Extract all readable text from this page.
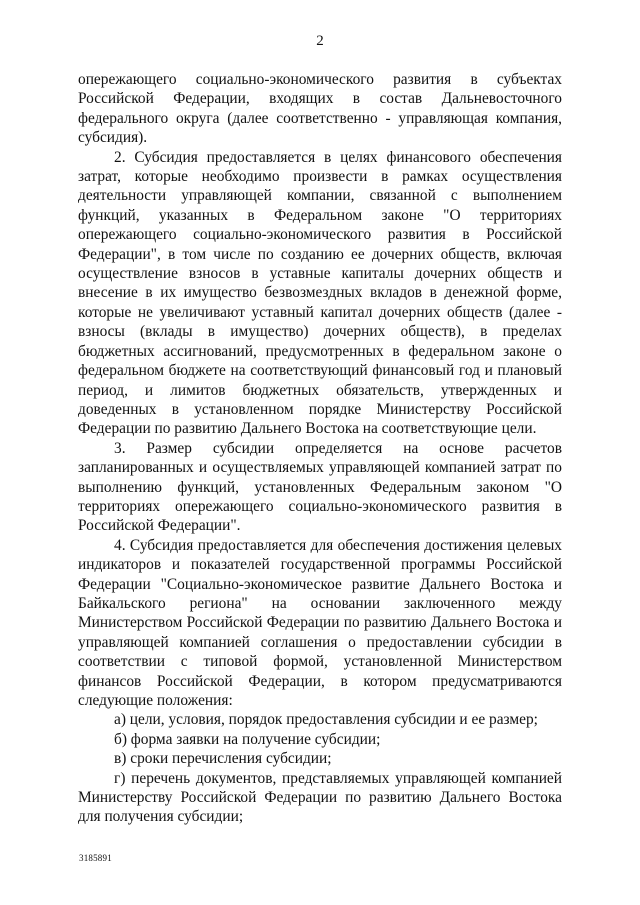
2

опережающего социально-экономического развития в субъектах Российской Федерации, входящих в состав Дальневосточного федерального округа (далее соответственно - управляющая компания, субсидия).

2. Субсидия предоставляется в целях финансового обеспечения затрат, которые необходимо произвести в рамках осуществления деятельности управляющей компании, связанной с выполнением функций, указанных в Федеральном законе "О территориях опережающего социально-экономического развития в Российской Федерации", в том числе по созданию ее дочерних обществ, включая осуществление взносов в уставные капиталы дочерних обществ и внесение в их имущество безвозмездных вкладов в денежной форме, которые не увеличивают уставный капитал дочерних обществ (далее - взносы (вклады в имущество) дочерних обществ), в пределах бюджетных ассигнований, предусмотренных в федеральном законе о федеральном бюджете на соответствующий финансовый год и плановый период, и лимитов бюджетных обязательств, утвержденных и доведенных в установленном порядке Министерству Российской Федерации по развитию Дальнего Востока на соответствующие цели.

3. Размер субсидии определяется на основе расчетов запланированных и осуществляемых управляющей компанией затрат по выполнению функций, установленных Федеральным законом "О территориях опережающего социально-экономического развития в Российской Федерации".

4. Субсидия предоставляется для обеспечения достижения целевых индикаторов и показателей государственной программы Российской Федерации "Социально-экономическое развитие Дальнего Востока и Байкальского региона" на основании заключенного между Министерством Российской Федерации по развитию Дальнего Востока и управляющей компанией соглашения о предоставлении субсидии в соответствии с типовой формой, установленной Министерством финансов Российской Федерации, в котором предусматриваются следующие положения:

а) цели, условия, порядок предоставления субсидии и ее размер;

б) форма заявки на получение субсидии;

в) сроки перечисления субсидии;

г) перечень документов, представляемых управляющей компанией Министерству Российской Федерации по развитию Дальнего Востока для получения субсидии;

3185891
